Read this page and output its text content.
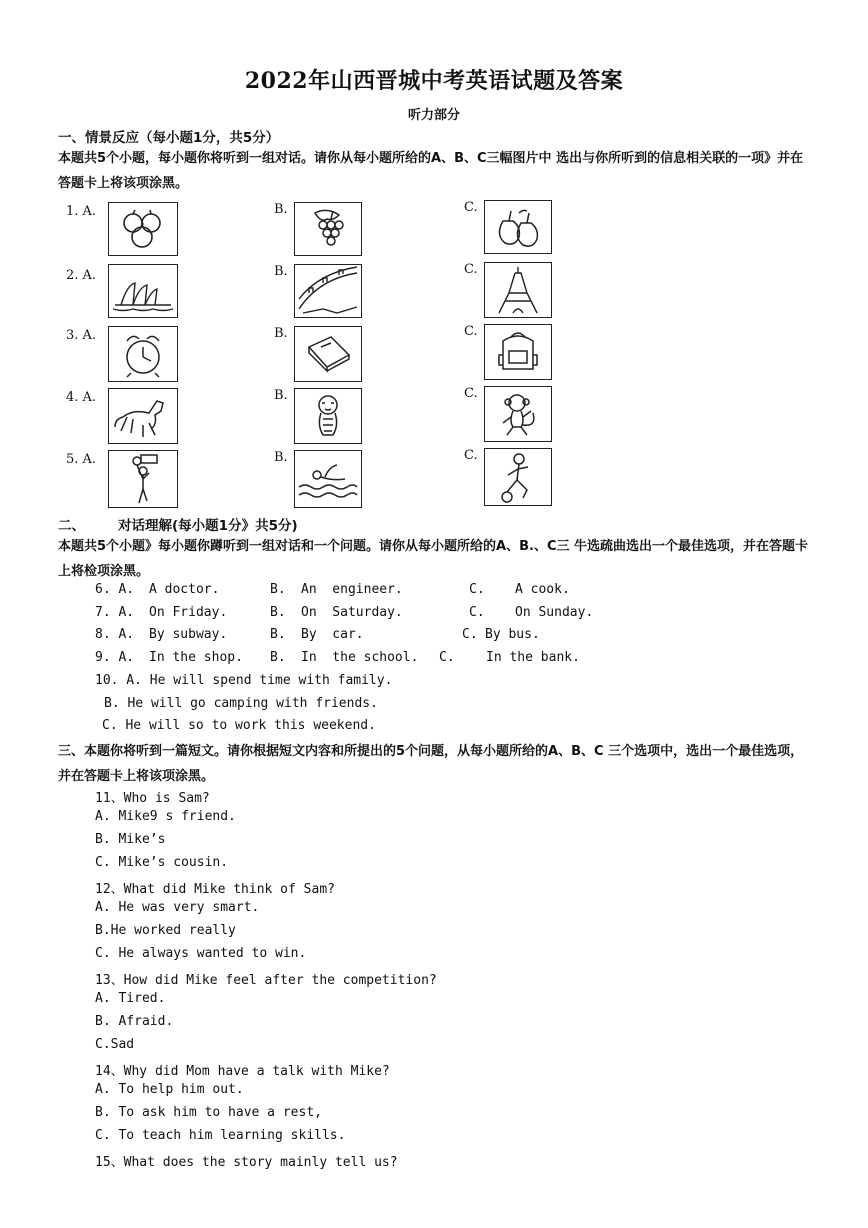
2022年山西晋城中考英语试题及答案
听力部分
一、情景反应（每小题1分，共5分）
本题共5个小题，每小题你将听到一组对话。请你从每小题所给的A、B、C三幅图片中 选出与你所听到的信息相关联的一项》并在答题卡上将该项涂黑。
1. A.	B.	C.
2. A.	B.	C.
3. A.	B.	C.
4. A.	B.	C.
5. A.	B.	C.
二、 对话理解(每小题1分》共5分)
本题共5个小题》每小题你蹲听到一组对话和一个问题。请你从每小题所给的A、B.、C三 牛选疏曲选出一个最佳选项，并在答题卡上将检项涂黑。
6. A. A doctor.	B. An  engineer.	C. A cook.
7. A. On Friday.	B. On  Saturday.	C. On Sunday.
8. A. By subway.	B. By  car.	C. By bus.
9. A. In the shop. B. In  the school. C. In the bank.
10. A. He will spend time with family.
B. He will go camping with friends.
C. He will so to work this weekend.
三、本题你将听到一篇短文。请你根据短文内容和所提出的5个问题，从每小题所给的A、B、C 三个选项中，选出一个最佳选项，并在答题卡上将该项涂黑。
11、Who is Sam?
A. Mike9 s friend.
B. Mike’s
C. Mike’s cousin.
12、What did Mike think of Sam?
A. He was very smart.
B.He worked really
C. He always wanted to win.
13、How did Mike feel after the competition?
A. Tired.
B. Afraid.
C.Sad
14、Why did Mom have a talk with Mike?
A. To help him out.
B. To ask him to have a rest,
C. To teach him learning skills.
15、What does the story mainly tell us?
